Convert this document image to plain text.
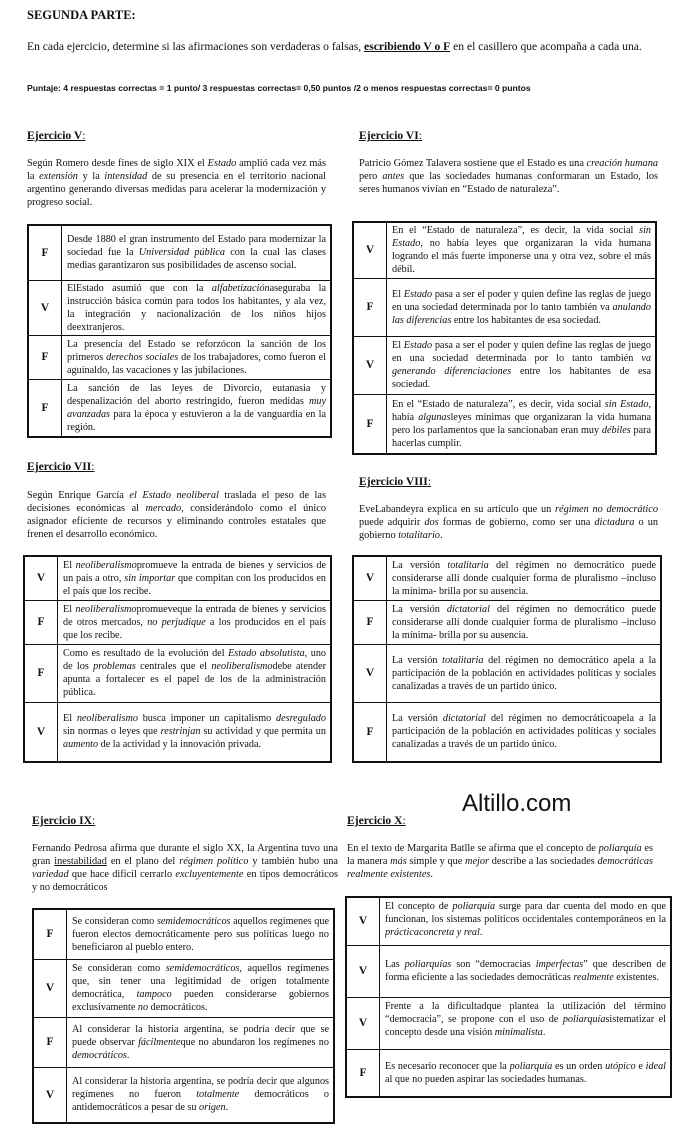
SEGUNDA PARTE:
En cada ejercicio, determine si las afirmaciones son verdaderas o falsas, escribiendo V o F en el casillero que acompaña a cada una.
Puntaje: 4 respuestas correctas = 1 punto/ 3 respuestas correctas= 0,50 puntos /2 o menos respuestas correctas= 0 puntos
Ejercicio V:
Según Romero desde fines de siglo XIX el Estado amplió cada vez más la extensión y la intensidad de su presencia en el territorio nacional argentino generando diversas medidas para acelerar la modernización y progreso social.
F	Desde 1880 el gran instrumento del Estado para modernizar la sociedad fue la Universidad pública con la cual las clases medias garantizaron sus posibilidades de ascenso social.
V	ElEstado asumió que con la alfabetizaciónaseguraba la instrucción básica común para todos los habitantes, y ala vez, la integración y nacionalización de los niños hijos deextranjeros.
F	La presencia del Estado se reforzócon la sanción de los primeros derechos sociales de los trabajadores, como fueron el aguinaldo, las vacaciones y las jubilaciones.
F	La sanción de las leyes de Divorcio, eutanasia y despenalización del aborto restringido, fueron medidas muy avanzadas para la época y estuvieron a la de vanguardia en la región.
Ejercicio VI:
Patricio Gómez Talavera sostiene que el Estado es una creación humana pero antes que las sociedades humanas conformaran un Estado, los seres humanos vivían en “Estado de naturaleza”.
V	En el “Estado de naturaleza”, es decir, la vida social sin Estado, no había leyes que organizaran la vida humana logrando el más fuerte imponerse una y otra vez, sobre el más débil.
F	El Estado pasa a ser el poder y quien define las reglas de juego en una sociedad determinada por lo tanto también va anulando las diferencias entre los habitantes de esa sociedad.
V	El Estado pasa a ser el poder y quien define las reglas de juego en una sociedad determinada por lo tanto también va generando diferenciaciones entre los habitantes de esa sociedad.
F	En el “Estado de naturaleza”, es decir, vida social sin Estado, había algunasleyes mínimas que organizaran la vida humana pero los parlamentos que la sancionaban eran muy débiles para hacerlas cumplir.
Ejercicio VII:
Según Enrique García el Estado neoliberal traslada el peso de las decisiones económicas al mercado, considerándolo como el único asignador eficiente de recursos y eliminando controles estatales que frenen el desarrollo económico.
V	El neoliberalismopromueve la entrada de bienes y servicios de un país a otro, sin importar que compitan con los producidos en el país que los recibe.
F	El neoliberalismopromueveque la entrada de bienes y servicios de otros mercados, no perjudique a los producidos en el país que los recibe.
F	Como es resultado de la evolución del Estado absolutista, uno de los problemas centrales que el neoliberalismodebe atender apunta a fortalecer es el papel de los de la administración pública.
V	El neoliberalismo busca imponer un capitalismo desregulado sin normas o leyes que restrinjan su actividad y que permita un aumento de la actividad y la innovación privada.
Ejercicio VIII:
EveLabandeyra explica en su artículo que un régimen no democrático puede adquirir dos formas de gobierno, como ser una dictadura o un gobierno totalitario.
V	La versión totalitaria del régimen no democrático puede considerarse allí donde cualquier forma de pluralismo –incluso la mínima- brilla por su ausencia.
F	La versión dictatorial del régimen no democrático puede considerarse allí donde cualquier forma de pluralismo –incluso la mínima- brilla por su ausencia.
V	La versión totalitaria del régimen no democrático apela a la participación de la población en actividades políticas y sociales canalizadas a través de un partido único.
F	La versión dictatorial del régimen no democráticoapela a la participación de la población en actividades políticas y sociales canalizadas a través de un partido único.
Altillo.com
Ejercicio IX:
Fernando Pedrosa afirma que durante el siglo XX, la Argentina tuvo una gran inestabilidad en el plano del régimen político y también hubo una variedad que hace difícil cerrarlo excluyentemente en tipos democráticos y no democráticos
F	Se consideran como semidemocráticos aquellos regímenes que fueron electos democráticamente pero sus políticas luego no beneficiaron al pueblo entero.
V	Se consideran como semidemocráticos, aquellos regímenes que, sin tener una legitimidad de origen totalmente democrática, tampoco pueden considerarse gobiernos exclusivamente no democráticos.
F	Al considerar la historia argentina, se podría decir que se puede observar fácilmenteque no abundaron los regímenes no democráticos.
V	Al considerar la historia argentina, se podría decir que algunos regímenes no fueron totalmente democráticos o antidemocráticos a pesar de su origen.
Ejercicio X:
En el texto de Margarita Batlle se afirma que el concepto de poliarquía es la manera más simple y que mejor describe a las sociedades democráticas realmente existentes.
V	El concepto de poliarquía surge para dar cuenta del modo en que funcionan, los sistemas políticos occidentales contemporáneos en la prácticaconcreta y real.

V	Las poliarquías son “democracias imperfectas” que describen de forma eficiente a las sociedades democráticas realmente existentes.
V	Frente a la dificultadque plantea la utilización del término “democracia”, se propone con el uso de poliarquíasistematizar el concepto desde una visión minimalista.

F	Es necesario reconocer que la poliarquía es un orden utópico e ideal al que no pueden aspirar las sociedades humanas.
